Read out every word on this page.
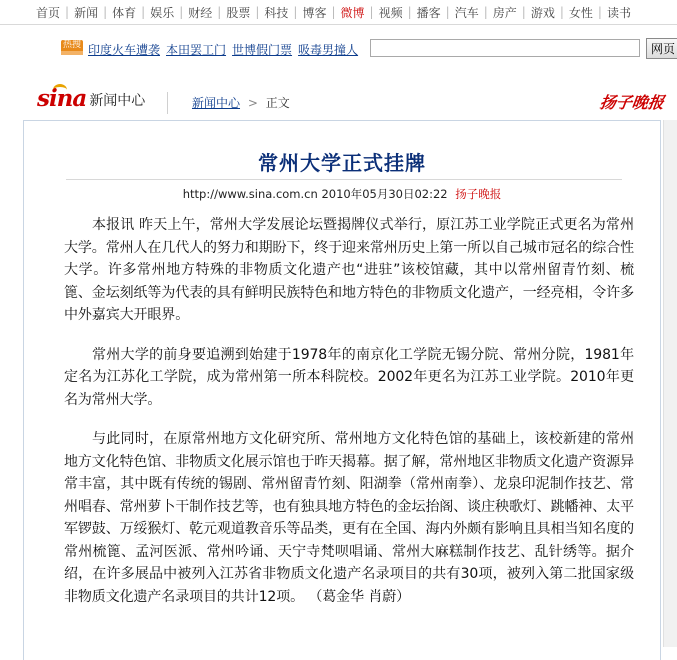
首页 | 新闻 | 体育 | 娱乐 | 财经 | 股票 | 科技 | 博客 | 微博 | 视频 | 播客 | 汽车 | 房产 | 游戏 | 女性 | 读书
热搜 印度火车遭袭 本田罢工门 世博假门票 吸毒男撞人	网页
sina 新闻中心	新闻中心 > 正文	扬子晚报
常州大学正式挂牌
http://www.sina.com.cn 2010年05月30日02:22 扬子晚报

本报讯 昨天上午，常州大学发展论坛暨揭牌仪式举行，原江苏工业学院正式更名为常州大学。常州人在几代人的努力和期盼下，终于迎来常州历史上第一所以自己城市冠名的综合性大学。许多常州地方特殊的非物质文化遗产也“进驻”该校馆藏，其中以常州留青竹刻、梳篦、金坛刻纸等为代表的具有鲜明民族特色和地方特色的非物质文化遗产，一经亮相，令许多中外嘉宾大开眼界。

常州大学的前身要追溯到始建于1978年的南京化工学院无锡分院、常州分院，1981年定名为江苏化工学院，成为常州第一所本科院校。2002年更名为江苏工业学院。2010年更名为常州大学。

与此同时，在原常州地方文化研究所、常州地方文化特色馆的基础上，该校新建的常州地方文化特色馆、非物质文化展示馆也于昨天揭幕。据了解，常州地区非物质文化遗产资源异常丰富，其中既有传统的锡剧、常州留青竹刻、阳湖拳（常州南拳）、龙泉印泥制作技艺、常州唱春、常州萝卜干制作技艺等，也有独具地方特色的金坛抬阁、谈庄秧歌灯、跳幡神、太平军锣鼓、万绥猴灯、乾元观道教音乐等品类，更有在全国、海内外颇有影响且具相当知名度的常州梳篦、孟河医派、常州吟诵、天宁寺梵呗唱诵、常州大麻糕制作技艺、乱针绣等。据介绍，在许多展品中被列入江苏省非物质文化遗产名录项目的共有30项，被列入第二批国家级非物质文化遗产名录项目的共计12项。 （葛金华 肖蔚）
